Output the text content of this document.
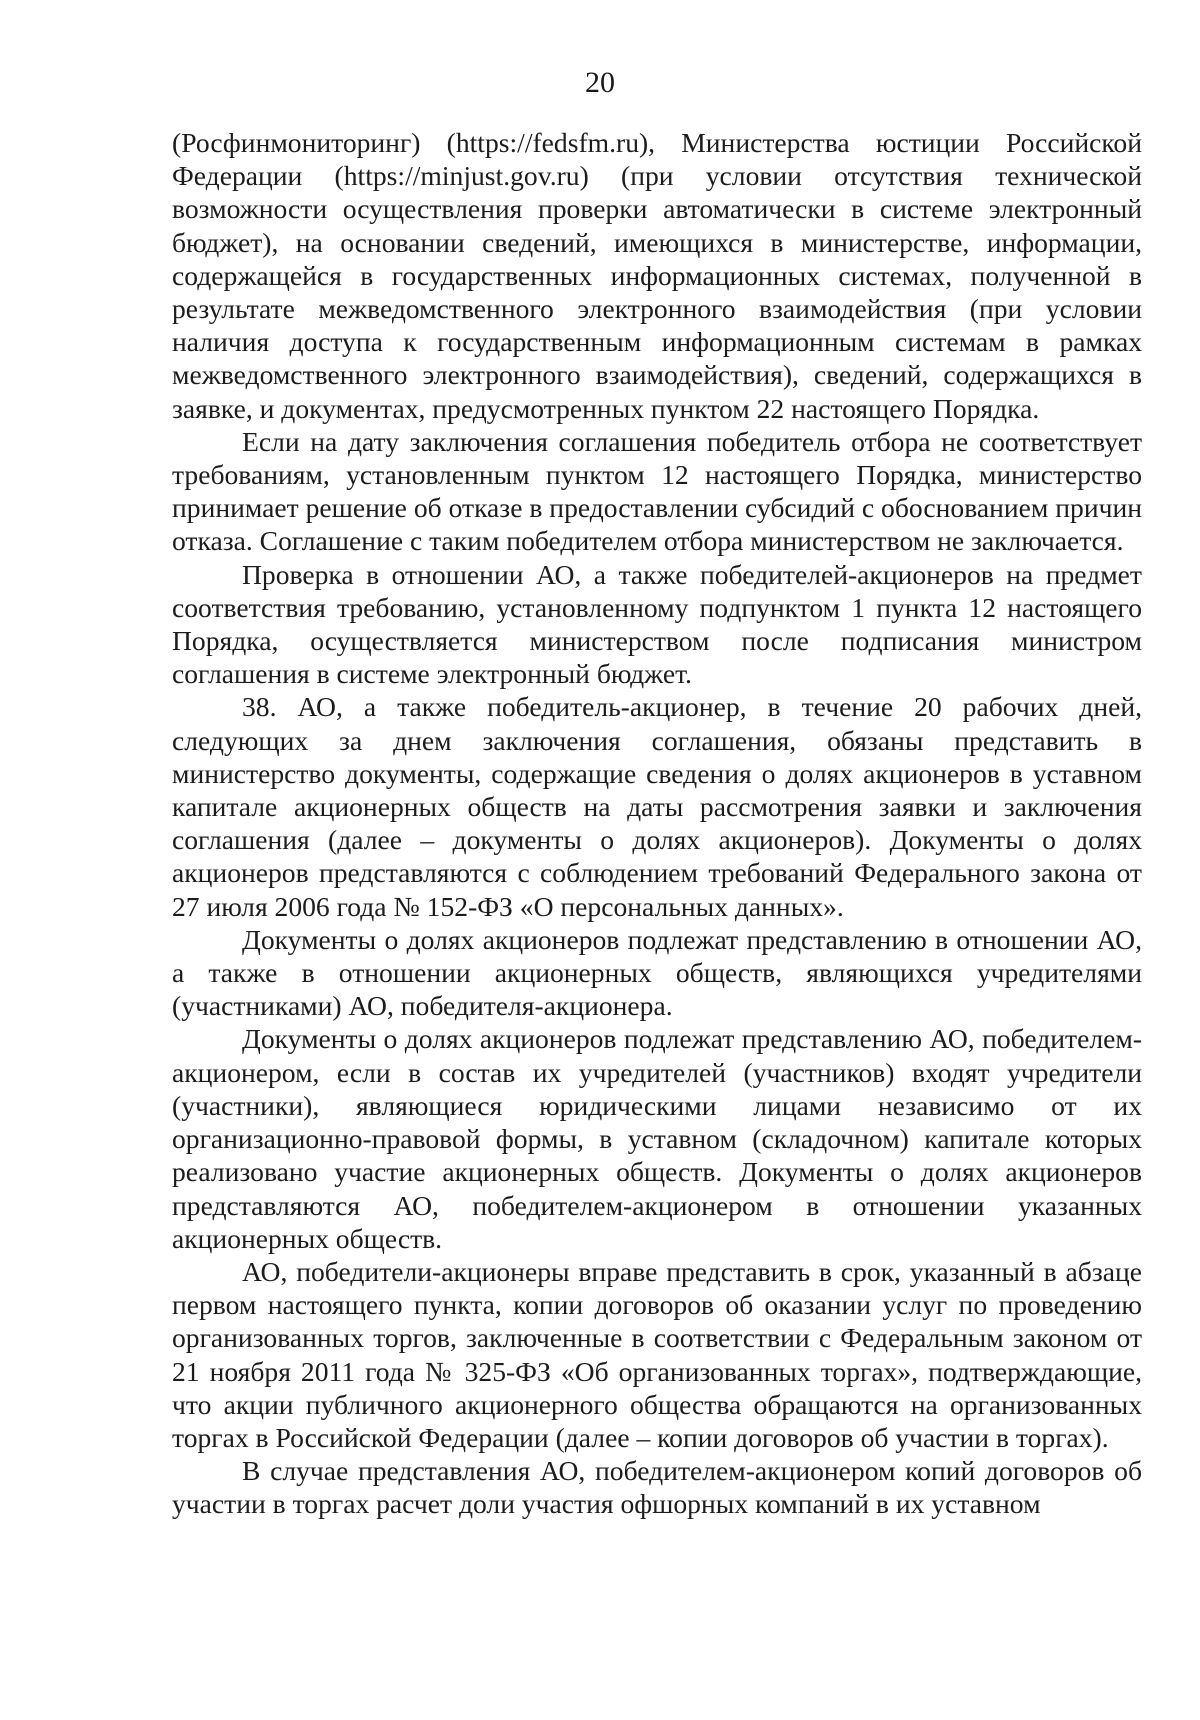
20

(Росфинмониторинг) (https://fedsfm.ru), Министерства юстиции Российской Федерации (https://minjust.gov.ru) (при условии отсутствия технической возможности осуществления проверки автоматически в системе электронный бюджет), на основании сведений, имеющихся в министерстве, информации, содержащейся в государственных информационных системах, полученной в результате межведомственного электронного взаимодействия (при условии наличия доступа к государственным информационным системам в рамках межведомственного электронного взаимодействия), сведений, содержащихся в заявке, и документах, предусмотренных пунктом 22 настоящего Порядка.

Если на дату заключения соглашения победитель отбора не соответствует требованиям, установленным пунктом 12 настоящего Порядка, министерство принимает решение об отказе в предоставлении субсидий с обоснованием причин отказа. Соглашение с таким победителем отбора министерством не заключается.

Проверка в отношении АО, а также победителей-акционеров на предмет соответствия требованию, установленному подпунктом 1 пункта 12 настоящего Порядка, осуществляется министерством после подписания министром соглашения в системе электронный бюджет.

38. АО, а также победитель-акционер, в течение 20 рабочих дней, следующих за днем заключения соглашения, обязаны представить в министерство документы, содержащие сведения о долях акционеров в уставном капитале акционерных обществ на даты рассмотрения заявки и заключения соглашения (далее – документы о долях акционеров). Документы о долях акционеров представляются с соблюдением требований Федерального закона от 27 июля 2006 года № 152-ФЗ «О персональных данных».

Документы о долях акционеров подлежат представлению в отношении АО, а также в отношении акционерных обществ, являющихся учредителями (участниками) АО, победителя-акционера.

Документы о долях акционеров подлежат представлению АО, победителем-акционером, если в состав их учредителей (участников) входят учредители (участники), являющиеся юридическими лицами независимо от их организационно-правовой формы, в уставном (складочном) капитале которых реализовано участие акционерных обществ. Документы о долях акционеров представляются АО, победителем-акционером в отношении указанных акционерных обществ.

АО, победители-акционеры вправе представить в срок, указанный в абзаце первом настоящего пункта, копии договоров об оказании услуг по проведению организованных торгов, заключенные в соответствии с Федеральным законом от 21 ноября 2011 года № 325-ФЗ «Об организованных торгах», подтверждающие, что акции публичного акционерного общества обращаются на организованных торгах в Российской Федерации (далее – копии договоров об участии в торгах).

В случае представления АО, победителем-акционером копий договоров об участии в торгах расчет доли участия офшорных компаний в их уставном
